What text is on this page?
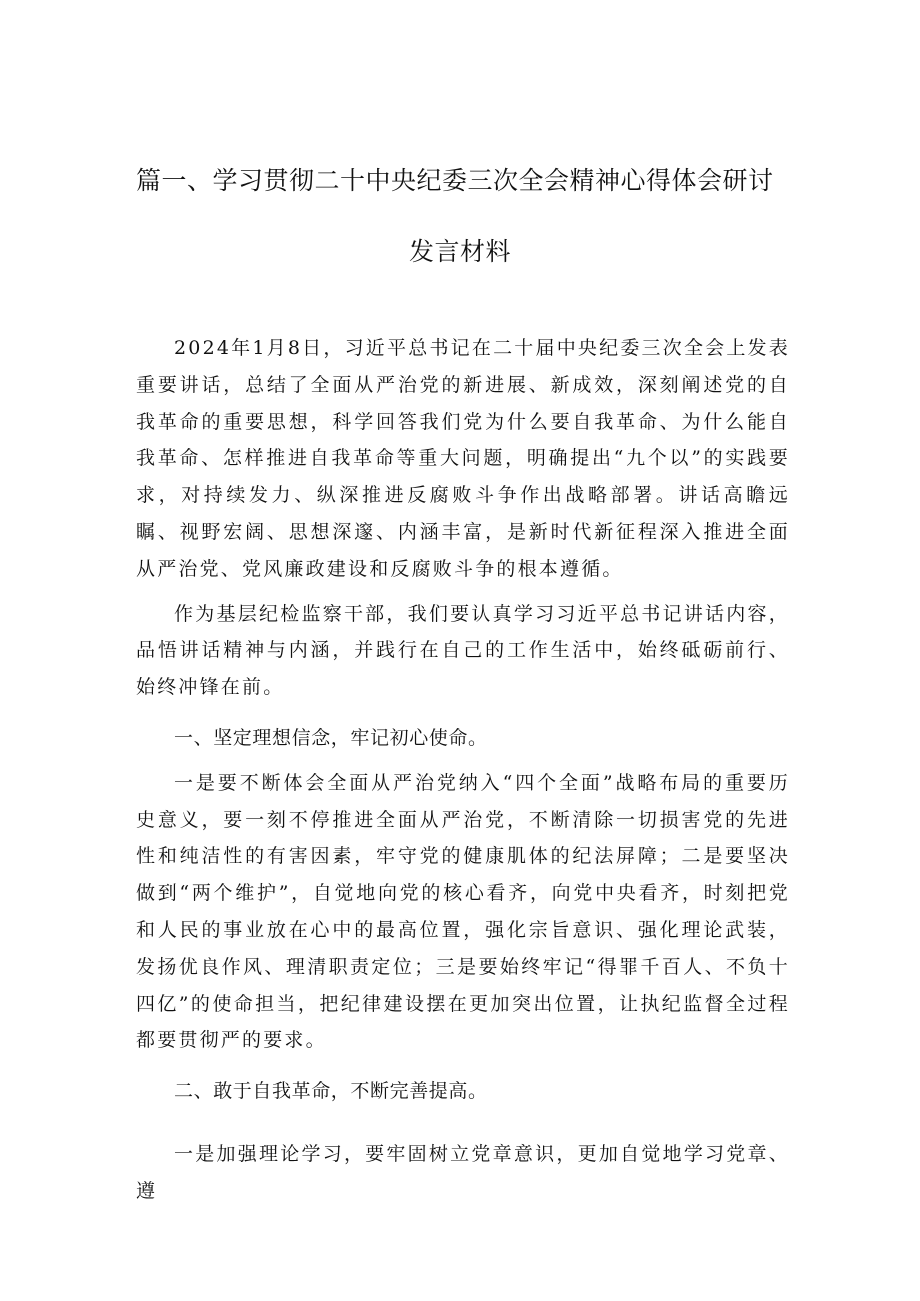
篇一、学习贯彻二十中央纪委三次全会精神心得体会研讨
发言材料

2024年1月8日，习近平总书记在二十届中央纪委三次全会上发表重要讲话，总结了全面从严治党的新进展、新成效，深刻阐述党的自我革命的重要思想，科学回答我们党为什么要自我革命、为什么能自我革命、怎样推进自我革命等重大问题，明确提出“九个以”的实践要求，对持续发力、纵深推进反腐败斗争作出战略部署。讲话高瞻远瞩、视野宏阔、思想深邃、内涵丰富，是新时代新征程深入推进全面从严治党、党风廉政建设和反腐败斗争的根本遵循。

作为基层纪检监察干部，我们要认真学习习近平总书记讲话内容，品悟讲话精神与内涵，并践行在自己的工作生活中，始终砥砺前行、始终冲锋在前。

一、坚定理想信念，牢记初心使命。

一是要不断体会全面从严治党纳入“四个全面”战略布局的重要历史意义，要一刻不停推进全面从严治党，不断清除一切损害党的先进性和纯洁性的有害因素，牢守党的健康肌体的纪法屏障；二是要坚决做到“两个维护”，自觉地向党的核心看齐，向党中央看齐，时刻把党和人民的事业放在心中的最高位置，强化宗旨意识、强化理论武装，发扬优良作风、理清职责定位；三是要始终牢记“得罪千百人、不负十四亿”的使命担当，把纪律建设摆在更加突出位置，让执纪监督全过程都要贯彻严的要求。

二、敢于自我革命，不断完善提高。

一是加强理论学习，要牢固树立党章意识，更加自觉地学习党章、遵
